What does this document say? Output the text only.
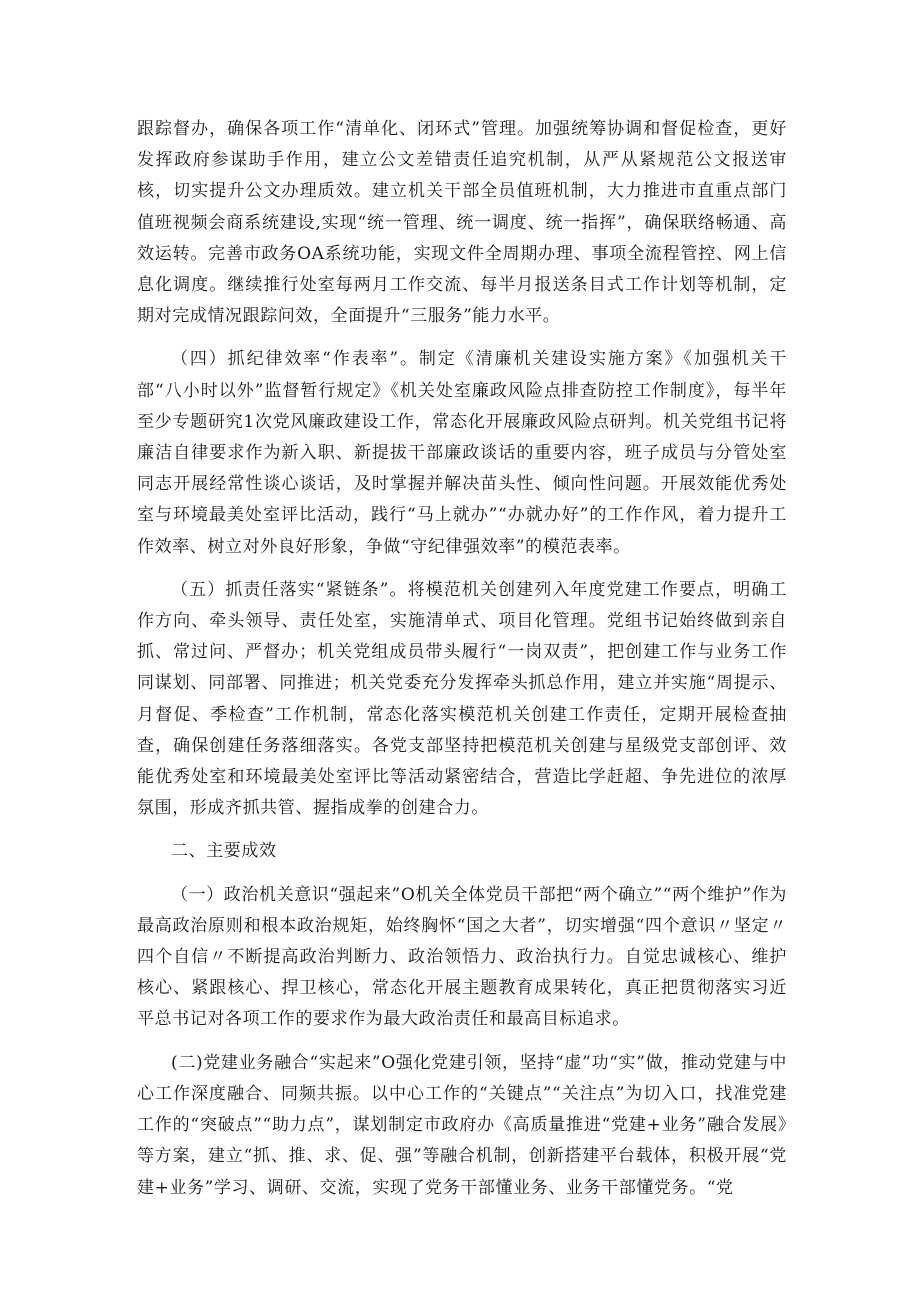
跟踪督办，确保各项工作“清单化、闭环式”管理。加强统筹协调和督促检查，更好发挥政府参谋助手作用，建立公文差错责任追究机制，从严从紧规范公文报送审核，切实提升公文办理质效。建立机关干部全员值班机制，大力推进市直重点部门值班视频会商系统建设,实现“统一管理、统一调度、统一指挥”，确保联络畅通、高效运转。完善市政务OA系统功能，实现文件全周期办理、事项全流程管控、网上信息化调度。继续推行处室每两月工作交流、每半月报送条目式工作计划等机制，定期对完成情况跟踪问效，全面提升“三服务”能力水平。

（四）抓纪律效率“作表率”。制定《清廉机关建设实施方案》《加强机关干部“八小时以外”监督暂行规定》《机关处室廉政风险点排查防控工作制度》，每半年至少专题研究1次党风廉政建设工作，常态化开展廉政风险点研判。机关党组书记将廉洁自律要求作为新入职、新提拔干部廉政谈话的重要内容，班子成员与分管处室同志开展经常性谈心谈话，及时掌握并解决苗头性、倾向性问题。开展效能优秀处室与环境最美处室评比活动，践行“马上就办”“办就办好”的工作作风，着力提升工作效率、树立对外良好形象，争做“守纪律强效率”的模范表率。

（五）抓责任落实“紧链条”。将模范机关创建列入年度党建工作要点，明确工作方向、牵头领导、责任处室，实施清单式、项目化管理。党组书记始终做到亲自抓、常过问、严督办；机关党组成员带头履行“一岗双责”，把创建工作与业务工作同谋划、同部署、同推进；机关党委充分发挥牵头抓总作用，建立并实施“周提示、月督促、季检查”工作机制，常态化落实模范机关创建工作责任，定期开展检查抽查，确保创建任务落细落实。各党支部坚持把模范机关创建与星级党支部创评、效能优秀处室和环境最美处室评比等活动紧密结合，营造比学赶超、争先进位的浓厚氛围，形成齐抓共管、握指成拳的创建合力。

二、主要成效

（一）政治机关意识“强起来”O机关全体党员干部把“两个确立”“两个维护”作为最高政治原则和根本政治规矩，始终胸怀“国之大者”，切实增强“四个意识〃坚定〃四个自信〃不断提高政治判断力、政治领悟力、政治执行力。自觉忠诚核心、维护核心、紧跟核心、捍卫核心，常态化开展主题教育成果转化，真正把贯彻落实习近平总书记对各项工作的要求作为最大政治责任和最高目标追求。

(二)党建业务融合“实起来”O强化党建引领，坚持“虚”功“实”做，推动党建与中心工作深度融合、同频共振。以中心工作的“关键点”“关注点”为切入口，找准党建工作的“突破点”“助力点”，谋划制定市政府办《高质量推进“党建+业务”融合发展》等方案，建立“抓、推、求、促、强”等融合机制，创新搭建平台载体，积极开展“党建+业务”学习、调研、交流，实现了党务干部懂业务、业务干部懂党务。“党
